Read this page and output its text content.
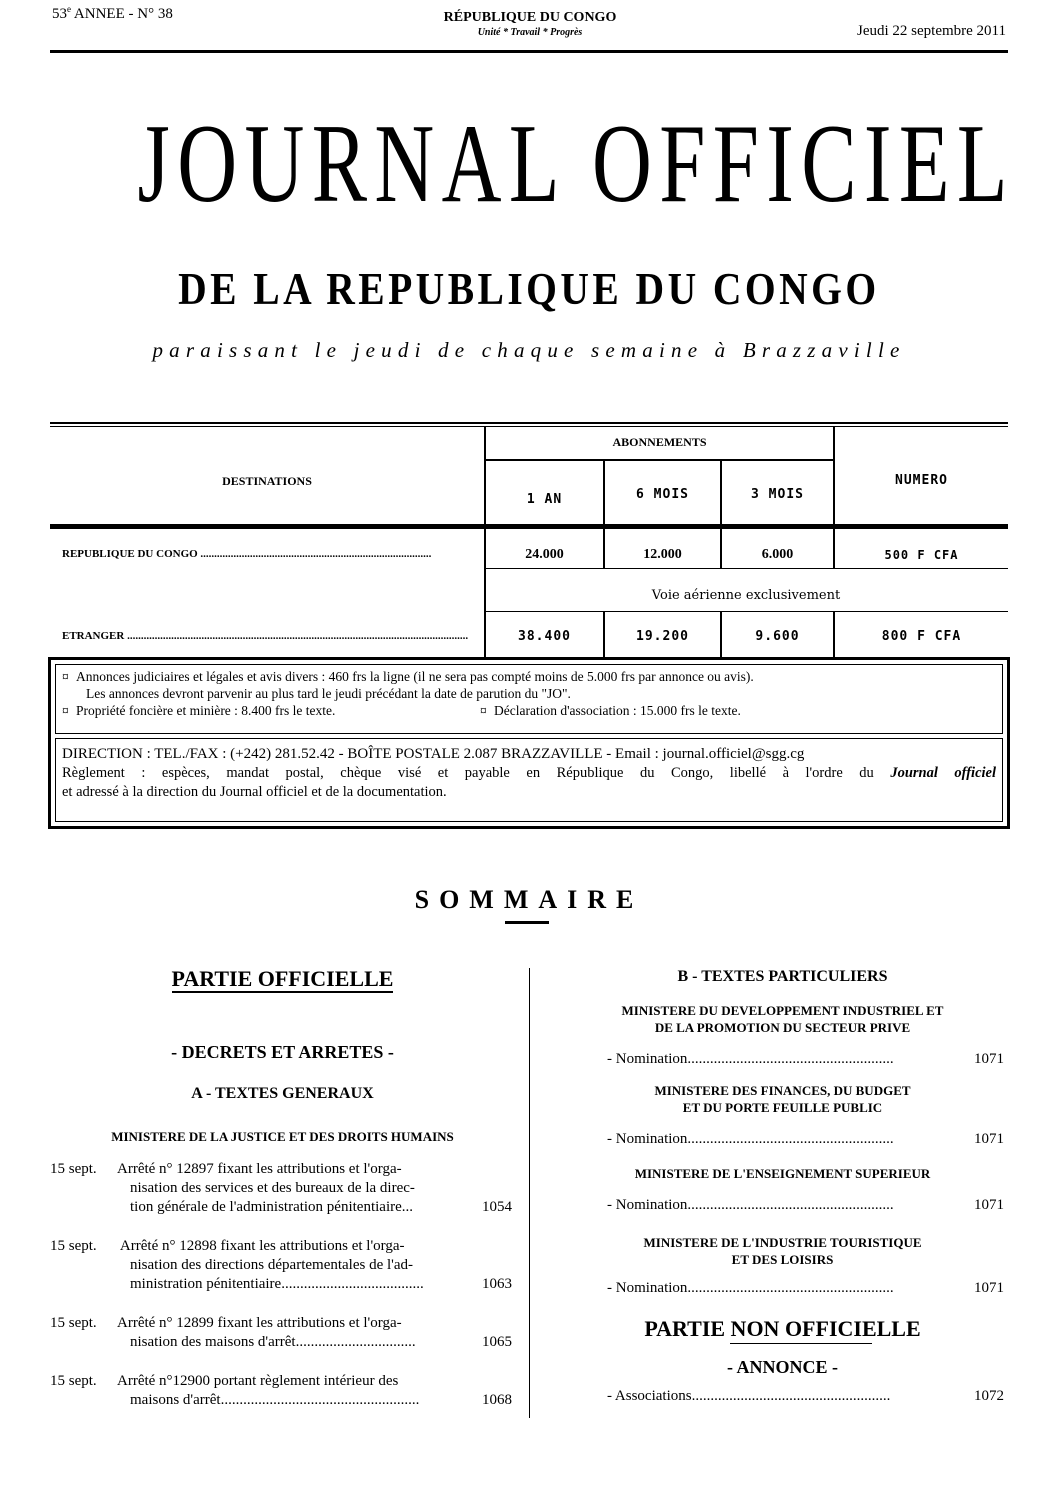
53e ANNEE - N° 38	RÉPUBLIQUE DU CONGO
Unité * Travail * Progrès	Jeudi 22 septembre 2011
JOURNAL OFFICIEL
DE LA REPUBLIQUE DU CONGO
paraissant le jeudi de chaque semaine à Brazzaville
DESTINATIONS
ABONNEMENTS
1 AN	6 MOIS	3 MOIS
NUMERO
REPUBLIQUE DU CONGO ....................................................................................	24.000	12.000	6.000	500 F CFA
Voie aérienne exclusivement
ETRANGER ............................................................................................................................	38.400	19.200	9.600	800 F CFA
¤ Annonces judiciaires et légales et avis divers : 460 frs la ligne (il ne sera pas compté moins de 5.000 frs par annonce ou avis).
Les annonces devront parvenir au plus tard le jeudi précédant la date de parution du "JO".
¤ Propriété foncière et minière : 8.400 frs le texte.	¤ Déclaration d'association : 15.000 frs le texte.
DIRECTION : TEL./FAX : (+242) 281.52.42 - BOÎTE POSTALE 2.087 BRAZZAVILLE - Email : journal.officiel@sgg.cg
Règlement : espèces, mandat postal, chèque visé et payable en République du Congo, libellé à l'ordre du Journal officiel
et adressé à la direction du Journal officiel et de la documentation.
SOMMAIRE
PARTIE OFFICIELLE
- DECRETS ET ARRETES -
A - TEXTES GENERAUX
MINISTERE DE LA JUSTICE ET DES DROITS HUMAINS
15 sept. Arrêté n° 12897 fixant les attributions et l'orga-
nisation des services et des bureaux de la direc-
tion générale de l'administration pénitentiaire...	1054
15 sept. Arrêté n° 12898 fixant les attributions et l'orga-
nisation des directions départementales de l'ad-
ministration pénitentiaire......................................	1063
15 sept. Arrêté n° 12899 fixant les attributions et l'orga-
nisation des maisons d'arrêt................................	1065
15 sept. Arrêté n°12900 portant règlement intérieur des
maisons d'arrêt.....................................................	1068
B - TEXTES PARTICULIERS
MINISTERE DU DEVELOPPEMENT INDUSTRIEL ET
DE LA PROMOTION DU SECTEUR PRIVE
- Nomination.......................................................	1071
MINISTERE DES FINANCES, DU BUDGET
ET DU PORTE FEUILLE PUBLIC
- Nomination.......................................................	1071
MINISTERE DE L'ENSEIGNEMENT SUPERIEUR
- Nomination.......................................................	1071
MINISTERE DE L'INDUSTRIE TOURISTIQUE
ET DES LOISIRS
- Nomination.......................................................	1071
PARTIE NON OFFICIELLE
- ANNONCE -
- Associations.....................................................	1072
